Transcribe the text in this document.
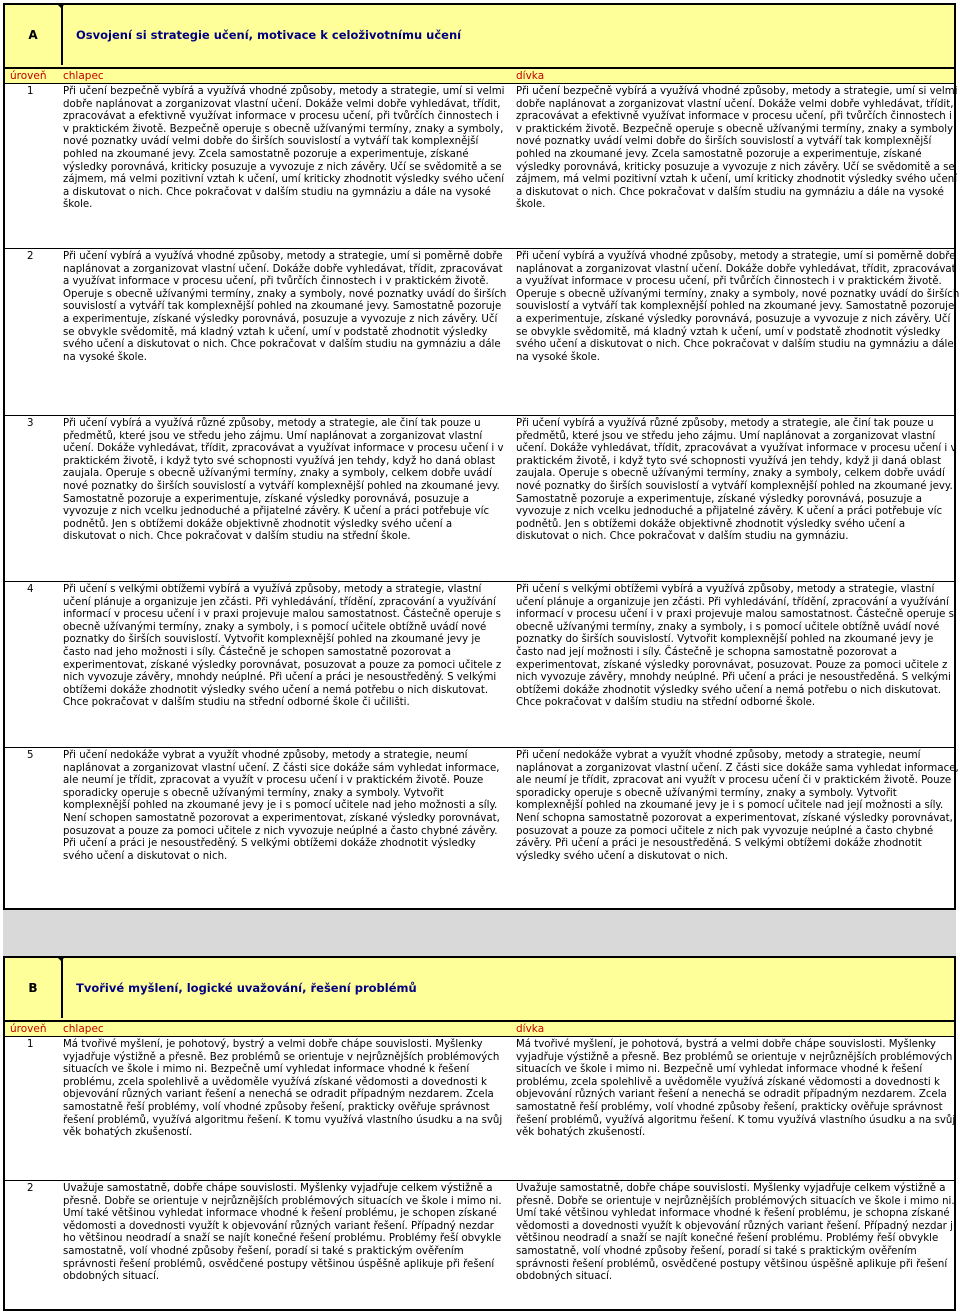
A	Osvojení si strategie učení, motivace k celoživotnímu učení
úroveň chlapec	dívka
1	Při učení bezpečně vybírá a využívá vhodné způsoby, metody a strategie, umí si velmi dobře naplánovat a zorganizovat vlastní učení. Dokáže velmi dobře vyhledávat, třídit, zpracovávat a efektivně využívat informace v procesu učení, při tvůrčích činnostech i v praktickém životě. Bezpečně operuje s obecně užívanými termíny, znaky a symboly, nové poznatky uvádí velmi dobře do širších souvislostí a vytváří tak komplexnější pohled na zkoumané jevy. Zcela samostatně pozoruje a experimentuje, získané výsledky porovnává, kriticky posuzuje a vyvozuje z nich závěry. Učí se svědomitě a se zájmem, má velmi pozitivní vztah k učení, umí kriticky zhodnotit výsledky svého učení a diskutovat o nich. Chce pokračovat v dalším studiu na gymnáziu a dále na vysoké škole.
Při učení bezpečně vybírá a využívá vhodné způsoby, metody a strategie, umí si velmi dobře naplánovat a zorganizovat vlastní učení. Dokáže velmi dobře vyhledávat, třídit, zpracovávat a efektivně využívat informace v procesu učení, při tvůrčích činnostech i v praktickém životě. Bezpečně operuje s obecně užívanými termíny, znaky a symboly, nové poznatky uvádí velmi dobře do širších souvislostí a vytváří tak komplexnější pohled na zkoumané jevy. Zcela samostatně pozoruje a experimentuje, získané výsledky porovnává, kriticky posuzuje a vyvozuje z nich závěry. Učí se svědomitě a se zájmem, má velmi pozitivní vztah k učení, umí kriticky zhodnotit výsledky svého učení a diskutovat o nich. Chce pokračovat v dalším studiu na gymnáziu a dále na vysoké škole.
2	Při učení vybírá a využívá vhodné způsoby, metody a strategie, umí si poměrně dobře naplánovat a zorganizovat vlastní učení. Dokáže dobře vyhledávat, třídit, zpracovávat a využívat informace v procesu učení, při tvůrčích činnostech i v praktickém životě. Operuje s obecně užívanými termíny, znaky a symboly, nové poznatky uvádí do širších souvislostí a vytváří tak komplexnější pohled na zkoumané jevy. Samostatně pozoruje a experimentuje, získané výsledky porovnává, posuzuje a vyvozuje z nich závěry. Učí se obvykle svědomitě, má kladný vztah k učení, umí v podstatě zhodnotit výsledky svého učení a diskutovat o nich. Chce pokračovat v dalším studiu na gymnáziu a dále na vysoké škole.
Při učení vybírá a využívá vhodné způsoby, metody a strategie, umí si poměrně dobře naplánovat a zorganizovat vlastní učení. Dokáže dobře vyhledávat, třídit, zpracovávat a využívat informace v procesu učení, při tvůrčích činnostech i v praktickém životě. Operuje s obecně užívanými termíny, znaky a symboly, nové poznatky uvádí do širších souvislostí a vytváří tak komplexnější pohled na zkoumané jevy. Samostatně pozoruje a experimentuje, získané výsledky porovnává, posuzuje a vyvozuje z nich závěry. Učí se obvykle svědomitě, má kladný vztah k učení, umí v podstatě zhodnotit výsledky svého učení a diskutovat o nich. Chce pokračovat v dalším studiu na gymnáziu a dále na vysoké škole.
3	Při učení vybírá a využívá různé způsoby, metody a strategie, ale činí tak pouze u předmětů, které jsou ve středu jeho zájmu. Umí naplánovat a zorganizovat vlastní učení. Dokáže vyhledávat, třídit, zpracovávat a využívat informace v procesu učení i v praktickém životě, i když tyto své schopnosti využívá jen tehdy, když ho daná oblast zaujala. Operuje s obecně užívanými termíny, znaky a symboly, celkem dobře uvádí nové poznatky do širších souvislostí a vytváří komplexnější pohled na zkoumané jevy. Samostatně pozoruje a experimentuje, získané výsledky porovnává, posuzuje a vyvozuje z nich vcelku jednoduché a přijatelné závěry. K učení a práci potřebuje víc podnětů. Jen s obtížemi dokáže objektivně zhodnotit výsledky svého učení a diskutovat o nich. Chce pokračovat v dalším studiu na střední škole.
Při učení vybírá a využívá různé způsoby, metody a strategie, ale činí tak pouze u předmětů, které jsou ve středu jeho zájmu. Umí naplánovat a zorganizovat vlastní učení. Dokáže vyhledávat, třídit, zpracovávat a využívat informace v procesu učení i v praktickém životě, i když tyto své schopnosti využívá jen tehdy, když ji daná oblast zaujala. Operuje s obecně užívanými termíny, znaky a symboly, celkem dobře uvádí nové poznatky do širších souvislostí a vytváří komplexnější pohled na zkoumané jevy. Samostatně pozoruje a experimentuje, získané výsledky porovnává, posuzuje a vyvozuje z nich vcelku jednoduché a přijatelné závěry. K učení a práci potřebuje víc podnětů. Jen s obtížemi dokáže objektivně zhodnotit výsledky svého učení a diskutovat o nich. Chce pokračovat v dalším studiu na gymnáziu.
4	Při učení s velkými obtížemi vybírá a využívá způsoby, metody a strategie, vlastní učení plánuje a organizuje jen zčásti. Při vyhledávání, třídění, zpracování a využívání informací v procesu učení i v praxi projevuje malou samostatnost. Částečně operuje s obecně užívanými termíny, znaky a symboly, i s pomocí učitele obtížně uvádí nové poznatky do širších souvislostí. Vytvořit komplexnější pohled na zkoumané jevy je často nad jeho možnosti i síly. Částečně je schopen samostatně pozorovat a experimentovat, získané výsledky porovnávat, posuzovat a pouze za pomoci učitele z nich vyvozuje závěry, mnohdy neúplné. Při učení a práci je nesoustředěný. S velkými obtížemi dokáže zhodnotit výsledky svého učení a nemá potřebu o nich diskutovat. Chce pokračovat v dalším studiu na střední odborné škole či učilišti.
Při učení s velkými obtížemi vybírá a využívá způsoby, metody a strategie, vlastní učení plánuje a organizuje jen zčásti. Při vyhledávání, třídění, zpracování a využívání informací v procesu učení i v praxi projevuje malou samostatnost. Částečně operuje s obecně užívanými termíny, znaky a symboly, i s pomocí učitele obtížně uvádí nové poznatky do širších souvislostí. Vytvořit komplexnější pohled na zkoumané jevy je často nad její možnosti i síly. Částečně je schopna samostatně pozorovat a experimentovat, získané výsledky porovnávat, posuzovat. Pouze za pomoci učitele z nich vyvozuje závěry, mnohdy neúplné. Při učení a práci je nesoustředěná. S velkými obtížemi dokáže zhodnotit výsledky svého učení a nemá potřebu o nich diskutovat. Chce pokračovat v dalším studiu na střední odborné škole.
5	Při učení nedokáže vybrat a využít vhodné způsoby, metody a strategie, neumí naplánovat a zorganizovat vlastní učení. Z části sice dokáže sám vyhledat informace, ale neumí je třídit, zpracovat a využít v procesu učení i v praktickém životě. Pouze sporadicky operuje s obecně užívanými termíny, znaky a symboly. Vytvořit komplexnější pohled na zkoumané jevy je i s pomocí učitele nad jeho možnosti a síly. Není schopen samostatně pozorovat a experimentovat, získané výsledky porovnávat, posuzovat a pouze za pomoci učitele z nich vyvozuje neúplné a často chybné závěry. Při učení a práci je nesoustředěný. S velkými obtížemi dokáže zhodnotit výsledky svého učení a diskutovat o nich.
Při učení nedokáže vybrat a využít vhodné způsoby, metody a strategie, neumí naplánovat a zorganizovat vlastní učení. Z části sice dokáže sama vyhledat informace, ale neumí je třídit, zpracovat ani využít v procesu učení či v praktickém životě. Pouze sporadicky operuje s obecně užívanými termíny, znaky a symboly. Vytvořit komplexnější pohled na zkoumané jevy je i s pomocí učitele nad její možnosti a síly. Není schopna samostatně pozorovat a experimentovat, získané výsledky porovnávat, posuzovat a pouze za pomoci učitele z nich pak vyvozuje neúplné a často chybné závěry. Při učení a práci je nesoustředěná. S velkými obtížemi dokáže zhodnotit výsledky svého učení a diskutovat o nich.
B	Tvořivé myšlení, logické uvažování, řešení problémů
úroveň chlapec	dívka
1	Má tvořivé myšlení, je pohotový, bystrý a velmi dobře chápe souvislosti. Myšlenky vyjadřuje výstižně a přesně. Bez problémů se orientuje v nejrůznějších problémových situacích ve škole i mimo ni. Bezpečně umí vyhledat informace vhodné k řešení problému, zcela spolehlivě a uvědoměle využívá získané vědomosti a dovednosti k objevování různých variant řešení a nenechá se odradit případným nezdarem. Zcela samostatně řeší problémy, volí vhodné způsoby řešení, prakticky ověřuje správnost řešení problémů, využívá algoritmu řešení. K tomu využívá vlastního úsudku a na svůj věk bohatých zkušeností.
Má tvořivé myšlení, je pohotová, bystrá a velmi dobře chápe souvislosti. Myšlenky vyjadřuje výstižně a přesně. Bez problémů se orientuje v nejrůznějších problémových situacích ve škole i mimo ni. Bezpečně umí vyhledat informace vhodné k řešení problému, zcela spolehlivě a uvědoměle využívá získané vědomosti a dovednosti k objevování různých variant řešení a nenechá se odradit případným nezdarem. Zcela samostatně řeší problémy, volí vhodné způsoby řešení, prakticky ověřuje správnost řešení problémů, využívá algoritmu řešení. K tomu využívá vlastního úsudku a na svůj věk bohatých zkušeností.
2	Uvažuje samostatně, dobře chápe souvislosti. Myšlenky vyjadřuje celkem výstižně a přesně. Dobře se orientuje v nejrůznějších problémových situacích ve škole i mimo ni. Umí také většinou vyhledat informace vhodné k řešení problému, je schopen získané vědomosti a dovednosti využít k objevování různých variant řešení. Případný nezdar ho většinou neodradí a snaží se najít konečné řešení problému. Problémy řeší obvykle samostatně, volí vhodné způsoby řešení, poradí si také s praktickým ověřením správnosti řešení problémů, osvědčené postupy většinou úspěšně aplikuje při řešení obdobných situací.
Uvažuje samostatně, dobře chápe souvislosti. Myšlenky vyjadřuje celkem výstižně a přesně. Dobře se orientuje v nejrůznějších problémových situacích ve škole i mimo ni. Umí také většinou vyhledat informace vhodné k řešení problému, je schopna získané vědomosti a dovednosti využít k objevování různých variant řešení. Případný nezdar ji většinou neodradí a snaží se najít konečné řešení problému. Problémy řeší obvykle samostatně, volí vhodné způsoby řešení, poradí si také s praktickým ověřením správnosti řešení problémů, osvědčené postupy většinou úspěšně aplikuje při řešení obdobných situací.
